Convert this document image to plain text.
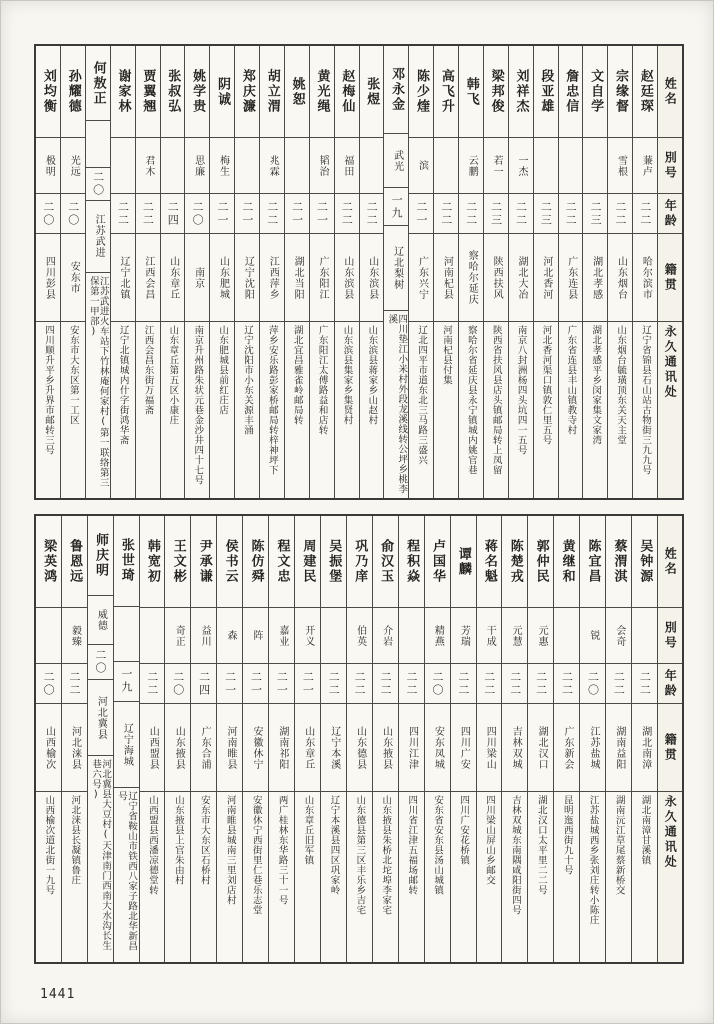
姓名
別号
年龄
籍贯
永久通讯处
赵廷琛
蒹卢
二二
哈尔滨市
辽宁省锦县石山站古物街三九九号
宗缘督
雪根
二二
山东烟台
山东烟台毓璜顶东关天主堂
文自学
二三
湖北孝感
湖北孝感平乡闵家集文家湾
詹忠信
二二
广东连县
广东省连县丰山镇教寺村
段亚雄
二三
河北香河
河北香河渠口镇敦仁里五号
刘祥杰
一杰
二二
湖北大冶
南京八封洲杨四头坑四一五号
梁邦俊
若一
二三
陕西扶风
陕西省扶风县店头镇邮局转上凤留
韩飞
云鹏
二二
察哈尔延庆
察哈尔省延庆县永宁镇城内姚官巷
高飞升
二二
河南杞县
河南杞县付集
陈少煃
滨
二一
广东兴宁
辽北四平市道东北三马路三盛兴
邓永金
武光
一九
辽北梨树
四川垫江小米村外段龙溪线转公坪乡桃李溪
张煜
二二
山东滨县
山东滨县蒋家乡山赵村
赵梅仙
福田
二二
山东滨县
山东滨县集家乡集贤村
黄光绳
韬治
二一
广东阳江
广东阳江太傅路益和店转
姚恕
二一
湖北当阳
湖北宜昌雅雀岭邮局转
胡立渭
兆霖
二二
江西萍乡
萍乡安乐路彭家桥邮局转梓神坪下
郑庆濂
二一
辽宁沈阳
辽宁沈阳市小东关源丰涌
阴诚
梅生
二一
山东肥城
山东肥城县前红庄店
姚学贵
思廉
二〇
南京
南京升州路朱状元巷金沙井四十七号
张叔弘
二四
山东章丘
山东章丘第五区小康庄
贾翼翘
君木
二二
江西会昌
江西会昌东街万福斋
谢家林
二二
辽宁北镇
辽宁北镇城内什字街鸿华斋
何敖正
二〇
江苏武进
江苏武进火车站下竹林庵何家村(第一联络第三保第一甲部)
孙耀德
光远
二〇
安东市
安东市大东区第一工区
刘均衡
极明
二〇
四川彭县
四川顺升平乡升界市邮转三号
姓名
別号
年龄
籍贯
永久通讯处
吴钟源
二二
湖北南漳
湖北南漳甘溪镇
蔡渭淇
会奇
二二
湖南益阳
湖南沅江草尾蔡新桥交
陈宜昌
锐
二〇
江苏盐城
江苏盐城西乡张刘庄转小陈庄
黄继和
二二
广东新会
昆明迤西街九十号
郭仲民
元惠
二二
湖北汉口
湖北汉口太平里二二号
陈楚戎
元慧
二二
吉林双城
吉林双城东南隅咸阳街四号
蒋名魁
干成
二二
四川梁山
四川梁山屏山乡邮交
谭麟
芳瑞
二二
四川广安
四川广安花桥镇
卢国华
精燕
二〇
安东凤城
安东省安东县汤山城镇
程积焱
二二
四川江津
四川省江津五福场邮转
俞汉玉
介岩
二二
山东掖县
山东掖县朱桥北坨埠李家宅
巩乃庠
伯英
二二
山东德县
山东德县第三区丰乐乡吉宅
吴振堡
二二
辽宁本溪
辽宁本溪县四区巩家岭
周建民
开义
二一
山东章丘
山东章丘旧军镇
程文忠
嘉业
二一
湖南祁阳
两广桂林东华路三十一号
陈仿舜
阵
二一
安徽休宁
安徽休宁西街里仁巷乐志堂
侯书云
森
二一
河南睢县
河南睢县城南三里刘店村
尹承谦
益川
二四
广东合浦
安东市大东区石桥村
王文彬
奇正
二〇
山东掖县
山东掖县上官朱由村
韩宽初
二二
山西盟县
山西盟县西潘凉德堂转
张世琦
一九
辽宁海城
辽宁省鞍山市铁西八家子路北华新昌号
师庆明
威德
二〇
河北冀县
河北冀县大豆村(天津南门西南大水沟长生巷六号)
鲁恩远
毅臻
二二
河北涞县
河北涞县长凝镇鲁庄
梁英鸿
二〇
山西榆次
山西榆次道北街一九号
1441
